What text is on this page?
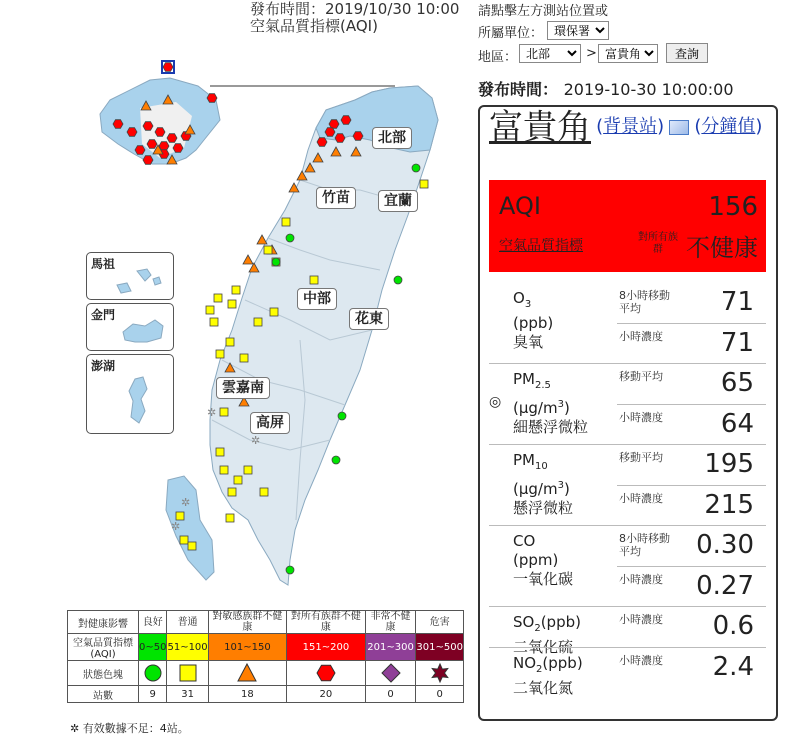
發布時間：2019/10/30 10:00
空氣品質指標(AQI)
請點擊左方測站位置或
所屬單位：
環保署
地區：
北部	>
富貴角	查詢
發布時間： 2019-10-30 10:00:00
富貴角 (背景站) (分鐘值)
AQI	156
空氣品質指標
對所有族群 不健康
$O_3$
(ppb)
臭氧
8小時移動平均	71
小時濃度	71
$PM_{2.5}$
$(\mu g/m^3)$
細懸浮微粒
◎
移動平均	65
小時濃度	64
$PM_{10}$
$(\mu g/m^3)$
懸浮微粒
移動平均	195
小時濃度	215
CO
(ppm)
一氧化碳
8小時移動平均	0.30
小時濃度	0.27
$SO_2(ppb)$
二氧化硫
小時濃度	0.6
$NO_2(ppb)$
二氧化氮
小時濃度	2.4
✲
✲
✲
✲
馬祖
金門
澎湖
北部
竹苗	宜蘭
中部
花東
雲嘉南
高屏
對健康影響	良好	普通	對敏感族群不健康	對所有族群不健康	非常不健康	危害
空氣品質指標(AQI)	0~50	51~100	101~150	151~200	201~300	301~500
狀態色塊	

站數	9	31	18	20	0	0
✲ 有效數據不足：4站。
